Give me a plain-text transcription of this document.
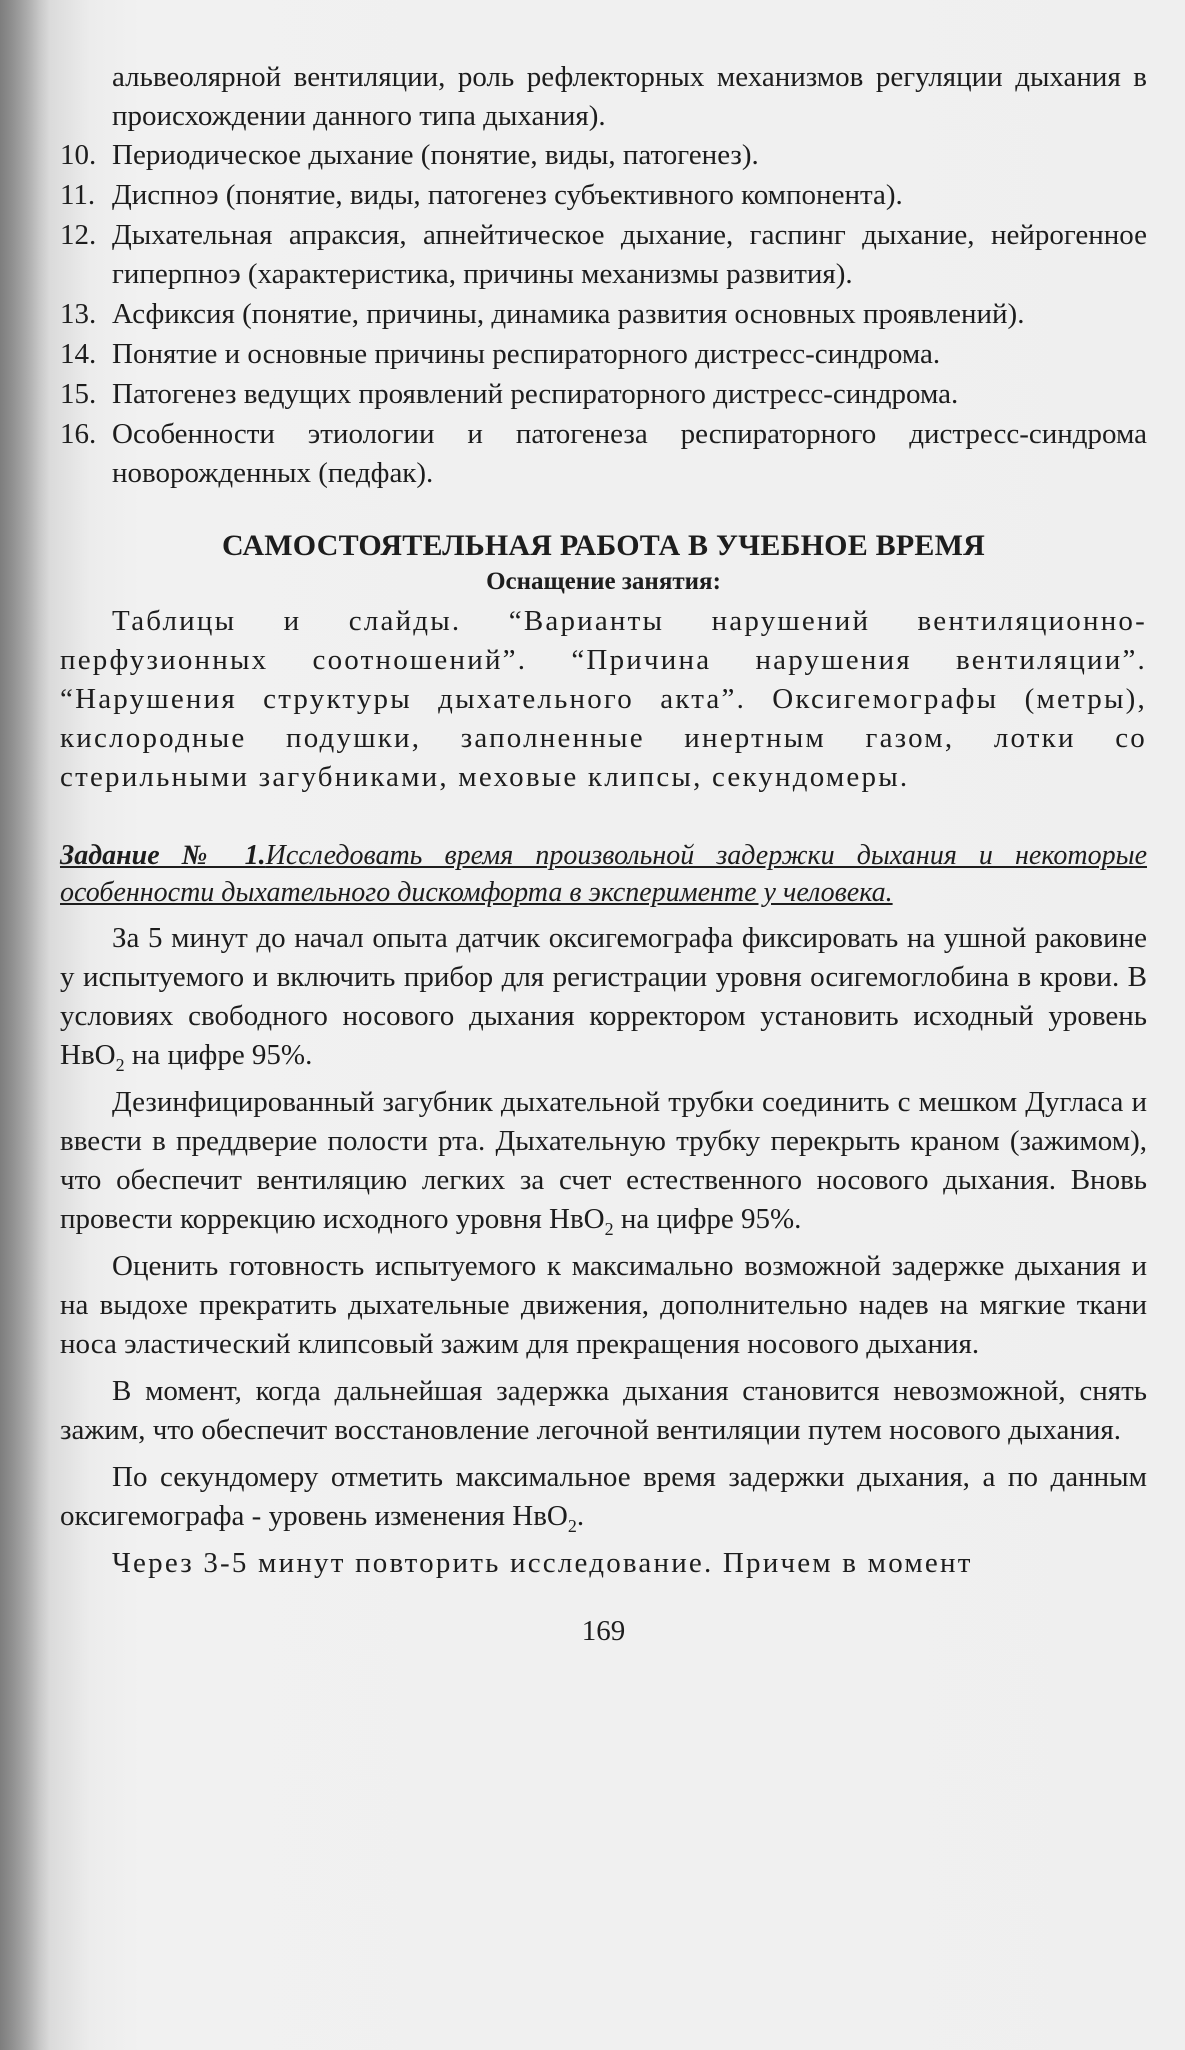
альвеолярной вентиляции, роль рефлекторных механизмов регуляции дыхания в происхождении данного типа дыхания).

10. Периодическое дыхание (понятие, виды, патогенез).
11. Диспноэ (понятие, виды, патогенез субъективного компонента).
12. Дыхательная апраксия, апнейтическое дыхание, гаспинг дыхание, нейрогенное гиперпноэ (характеристика, причины механизмы развития).
13. Асфиксия (понятие, причины, динамика развития основных проявлений).
14. Понятие и основные причины респираторного дистресс-синдрома.
15. Патогенез ведущих проявлений респираторного дистресс-синдрома.
16. Особенности этиологии и патогенеза респираторного дистресс-синдрома новорожденных (педфак).
САМОСТОЯТЕЛЬНАЯ РАБОТА В УЧЕБНОЕ ВРЕМЯ
Оснащение занятия:

Таблицы и слайды. “Варианты нарушений вентиляционно-перфузионных соотношений”. “Причина нарушения вентиляции”. “Нарушения структуры дыхательного акта”. Оксигемографы (метры), кислородные подушки, заполненные инертным газом, лотки со стерильными загубниками, меховые клипсы, секундомеры.

Задание № 1.Исследовать время произвольной задержки дыхания и некоторые особенности дыхательного дискомфорта в эксперименте у человека.

За 5 минут до начал опыта датчик оксигемографа фиксировать на ушной раковине у испытуемого и включить прибор для регистрации уровня осигемоглобина в крови. В условиях свободного носового дыхания корректором установить исходный уровень НвО$_2$ на цифре 95%.

Дезинфицированный загубник дыхательной трубки соединить с мешком Дугласа и ввести в преддверие полости рта. Дыхательную трубку перекрыть краном (зажимом), что обеспечит вентиляцию легких за счет естественного носового дыхания. Вновь провести коррекцию исходного уровня НвО$_2$ на цифре 95%.

Оценить готовность испытуемого к максимально возможной задержке дыхания и на выдохе прекратить дыхательные движения, дополнительно надев на мягкие ткани носа эластический клипсовый зажим для прекращения носового дыхания.

В момент, когда дальнейшая задержка дыхания становится невозможной, снять зажим, что обеспечит восстановление легочной вентиляции путем носового дыхания.

По секундомеру отметить максимальное время задержки дыхания, а по данным оксигемографа - уровень изменения НвО$_2$.

Через 3-5 минут повторить исследование. Причем в момент

169
